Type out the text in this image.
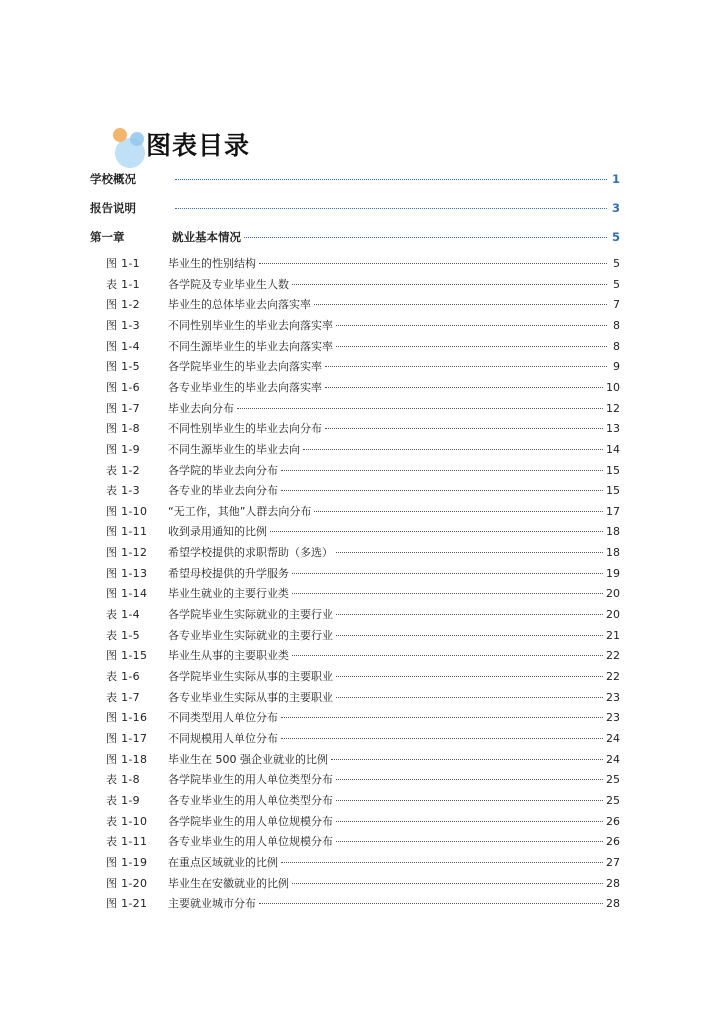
图表目录
学校概况	1
报告说明	3
第一章	就业基本情况	5
图 1-1	毕业生的性别结构	5
表 1-1	各学院及专业毕业生人数	5
图 1-2	毕业生的总体毕业去向落实率	7
图 1-3	不同性别毕业生的毕业去向落实率	8
图 1-4	不同生源毕业生的毕业去向落实率	8
图 1-5	各学院毕业生的毕业去向落实率	9
图 1-6	各专业毕业生的毕业去向落实率	10
图 1-7	毕业去向分布	12
图 1-8	不同性别毕业生的毕业去向分布	13
图 1-9	不同生源毕业生的毕业去向	14
表 1-2	各学院的毕业去向分布	15
表 1-3	各专业的毕业去向分布	15
图 1-10	“无工作，其他”人群去向分布	17
图 1-11	收到录用通知的比例	18
图 1-12	希望学校提供的求职帮助（多选）	18
图 1-13	希望母校提供的升学服务	19
图 1-14	毕业生就业的主要行业类	20
表 1-4	各学院毕业生实际就业的主要行业	20
表 1-5	各专业毕业生实际就业的主要行业	21
图 1-15	毕业生从事的主要职业类	22
表 1-6	各学院毕业生实际从事的主要职业	22
表 1-7	各专业毕业生实际从事的主要职业	23
图 1-16	不同类型用人单位分布	23
图 1-17	不同规模用人单位分布	24
图 1-18	毕业生在 500 强企业就业的比例	24
表 1-8	各学院毕业生的用人单位类型分布	25
表 1-9	各专业毕业生的用人单位类型分布	25
表 1-10	各学院毕业生的用人单位规模分布	26
表 1-11	各专业毕业生的用人单位规模分布	26
图 1-19	在重点区域就业的比例	27
图 1-20	毕业生在安徽就业的比例	28
图 1-21	主要就业城市分布	28
